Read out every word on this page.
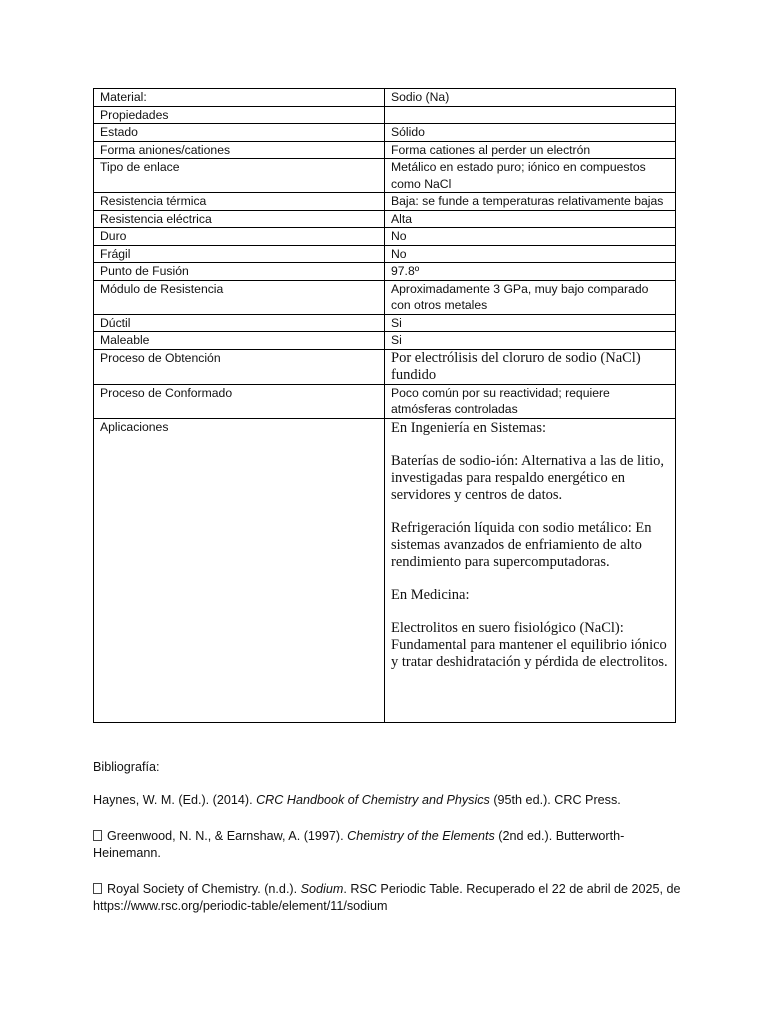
Material:	Sodio (Na)
Propiedades	
Estado	Sólido
Forma aniones/cationes	Forma cationes al perder un electrón
Tipo de enlace	Metálico en estado puro; iónico en compuestos como NaCl
Resistencia térmica	Baja: se funde a temperaturas relativamente bajas
Resistencia eléctrica	Alta
Duro	No
Frágil	No
Punto de Fusión	97.8º
Módulo de Resistencia	Aproximadamente 3 GPa, muy bajo comparado con otros metales
Dúctil	Si
Maleable	Si
Proceso de Obtención	Por electrólisis del cloruro de sodio (NaCl) fundido
Proceso de Conformado	Poco común por su reactividad; requiere atmósferas controladas
Aplicaciones	En Ingeniería en Sistemas:

Baterías de sodio-ión: Alternativa a las de litio, investigadas para respaldo energético en servidores y centros de datos.

Refrigeración líquida con sodio metálico: En sistemas avanzados de enfriamiento de alto rendimiento para supercomputadoras.

En Medicina:

Electrolitos en suero fisiológico (NaCl): Fundamental para mantener el equilibrio iónico y tratar deshidratación y pérdida de electrolitos.

Bibliografía:
Haynes, W. M. (Ed.). (2014). CRC Handbook of Chemistry and Physics (95th ed.). CRC Press.
Greenwood, N. N., & Earnshaw, A. (1997). Chemistry of the Elements (2nd ed.). Butterworth-Heinemann.
Royal Society of Chemistry. (n.d.). Sodium. RSC Periodic Table. Recuperado el 22 de abril de 2025, de https://www.rsc.org/periodic-table/element/11/sodium
